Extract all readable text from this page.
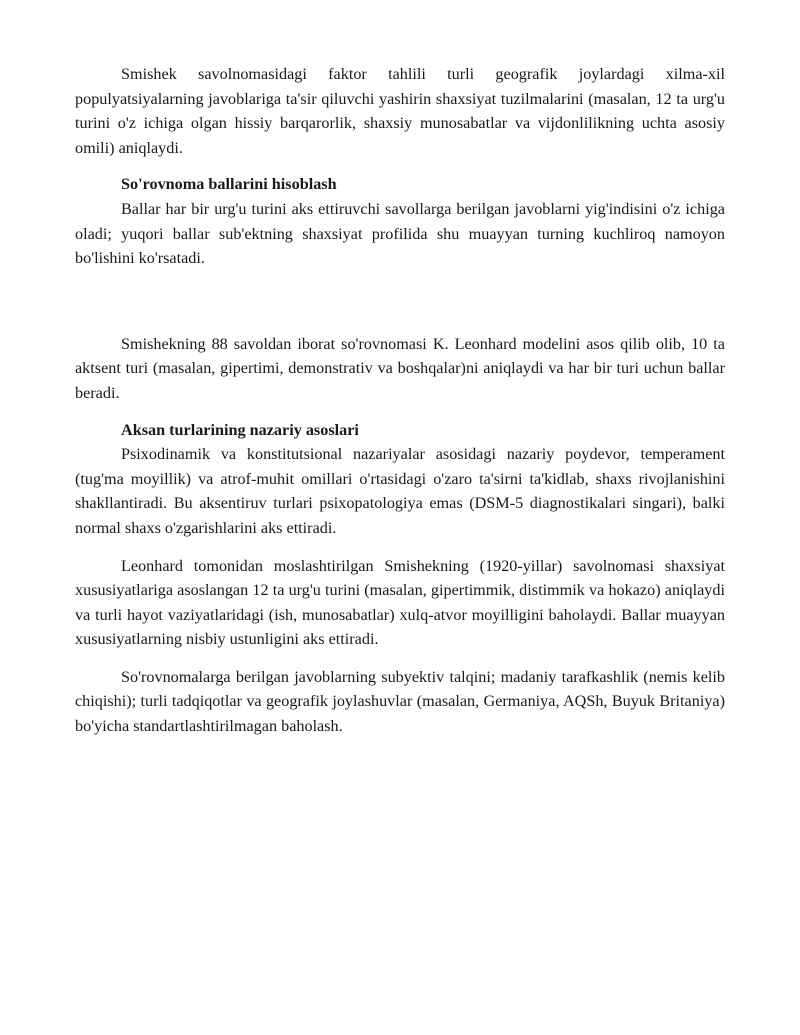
Smishek savolnomasidagi faktor tahlili turli geografik joylardagi xilma-xil populyatsiyalarning javoblariga ta'sir qiluvchi yashirin shaxsiyat tuzilmalarini (masalan, 12 ta urg'u turini o'z ichiga olgan hissiy barqarorlik, shaxsiy munosabatlar va vijdonlilikning uchta asosiy omili) aniqlaydi.

So'rovnoma ballarini hisoblash

Ballar har bir urg'u turini aks ettiruvchi savollarga berilgan javoblarni yig'indisini o'z ichiga oladi; yuqori ballar sub'ektning shaxsiyat profilida shu muayyan turning kuchliroq namoyon bo'lishini ko'rsatadi.

Smishekning 88 savoldan iborat so'rovnomasi K. Leonhard modelini asos qilib olib, 10 ta aktsent turi (masalan, gipertimi, demonstrativ va boshqalar)ni aniqlaydi va har bir turi uchun ballar beradi.

Aksan turlarining nazariy asoslari

Psixodinamik va konstitutsional nazariyalar asosidagi nazariy poydevor, temperament (tug'ma moyillik) va atrof-muhit omillari o'rtasidagi o'zaro ta'sirni ta'kidlab, shaxs rivojlanishini shakllantiradi. Bu aksentiruv turlari psixopatologiya emas (DSM-5 diagnostikalari singari), balki normal shaxs o'zgarishlarini aks ettiradi.

Leonhard tomonidan moslashtirilgan Smishekning (1920-yillar) savolnomasi shaxsiyat xususiyatlariga asoslangan 12 ta urg'u turini (masalan, gipertimmik, distimmik va hokazo) aniqlaydi va turli hayot vaziyatlaridagi (ish, munosabatlar) xulq-atvor moyilligini baholaydi. Ballar muayyan xususiyatlarning nisbiy ustunligini aks ettiradi.

So'rovnomalarga berilgan javoblarning subyektiv talqini; madaniy tarafkashlik (nemis kelib chiqishi); turli tadqiqotlar va geografik joylashuvlar (masalan, Germaniya, AQSh, Buyuk Britaniya) bo'yicha standartlashtirilmagan baholash.
